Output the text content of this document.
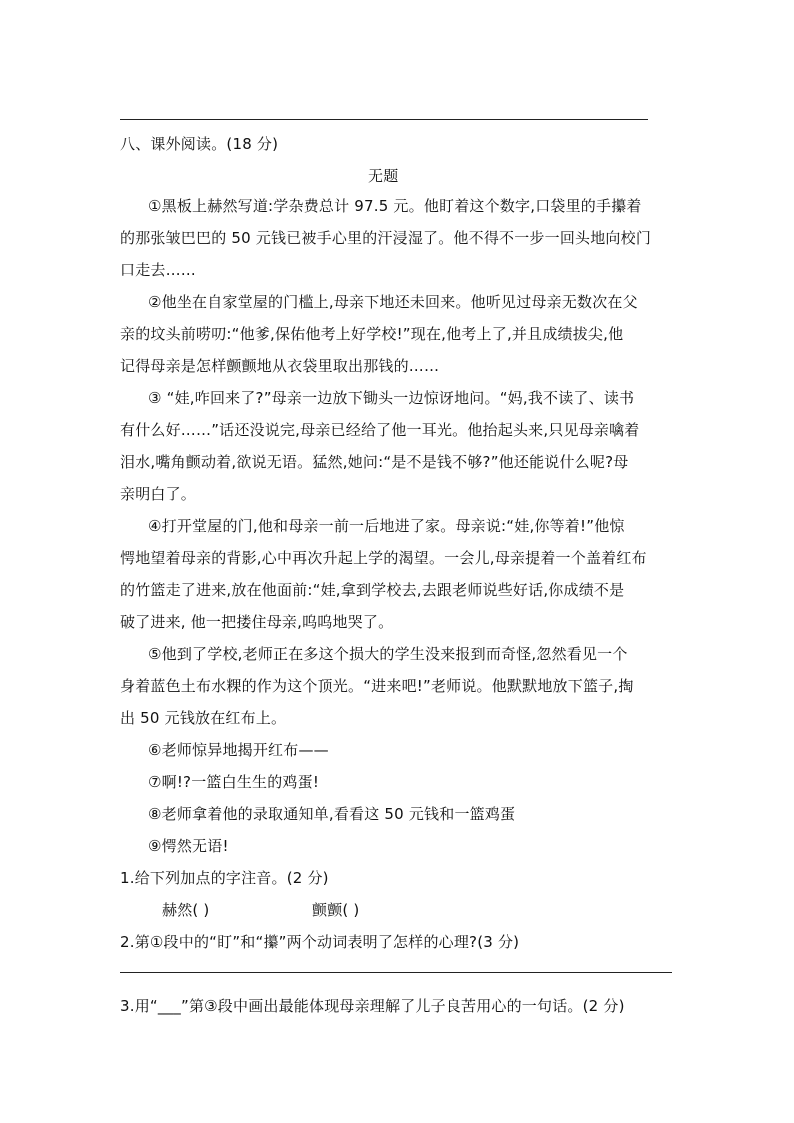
八、课外阅读。(18 分)
无题
①黑板上赫然写道:学杂费总计 97.5 元。他盯着这个数字,口袋里的手攥着
的那张皱巴巴的 50 元钱已被手心里的汗浸湿了。他不得不一步一回头地向校门
口走去……
②他坐在自家堂屋的门槛上,母亲下地还未回来。他听见过母亲无数次在父
亲的坟头前唠叨:“他爹,保佑他考上好学校!”现在,他考上了,并且成绩拔尖,他
记得母亲是怎样颤颤地从衣袋里取出那钱的……
③ “娃,咋回来了?”母亲一边放下锄头一边惊讶地问。“妈,我不读了、读书
有什么好……”话还没说完,母亲已经给了他一耳光。他抬起头来,只见母亲噙着
泪水,嘴角颤动着,欲说无语。猛然,她问:“是不是钱不够?”他还能说什么呢?母
亲明白了。
④打开堂屋的门,他和母亲一前一后地进了家。母亲说:“娃,你等着!”他惊
愕地望着母亲的背影,心中再次升起上学的渴望。一会儿,母亲提着一个盖着红布
的竹篮走了进来,放在他面前:“娃,拿到学校去,去跟老师说些好话,你成绩不是
破了进来, 他一把搂住母亲,呜呜地哭了。
⑤他到了学校,老师正在多这个损大的学生没来报到而奇怪,忽然看见一个
身着蓝色土布水粿的作为这个顶光。“进来吧!”老师说。他默默地放下篮子,掏
出 50 元钱放在红布上。
⑥老师惊异地揭开红布——
⑦啊!?一篮白生生的鸡蛋!
⑧老师拿着他的录取通知单,看看这 50 元钱和一篮鸡蛋
⑨愕然无语!
1.给下列加点的字注音。(2 分)
赫然( )	颤颤( )
2.第①段中的“盯”和“攥”两个动词表明了怎样的心理?(3 分)
3.用“___”第③段中画出最能体现母亲理解了儿子良苦用心的一句话。(2 分)
